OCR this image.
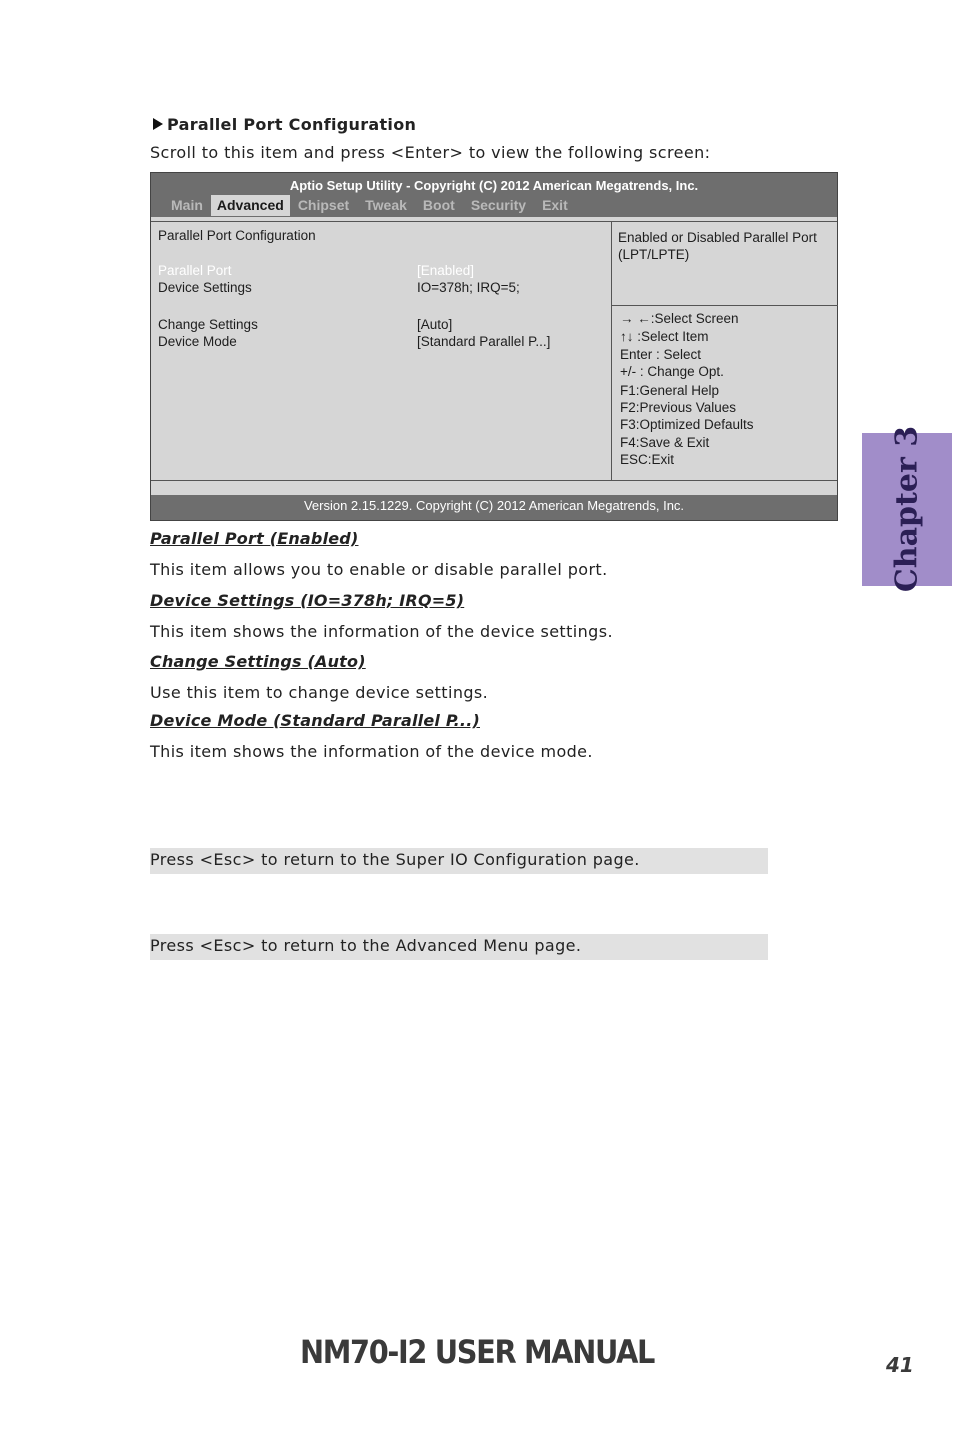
Parallel Port Configuration
Scroll to this item and press <Enter> to view the following screen:
Aptio Setup Utility - Copyright (C) 2012 American Megatrends, Inc.
Main	Advanced	Chipset	Tweak	Boot	Security	Exit
Parallel Port Configuration
Parallel Port	[Enabled]
Device Settings	IO=378h; IRQ=5;
Change Settings	[Auto]
Device Mode	[Standard Parallel P...]
Enabled or Disabled Parallel Port
(LPT/LPTE)
→ ←:Select Screen
↑↓ :Select Item
Enter : Select
+/- : Change Opt.
F1:General Help
F2:Previous Values
F3:Optimized Defaults
F4:Save & Exit
ESC:Exit
Version 2.15.1229. Copyright (C) 2012 American Megatrends, Inc.
Parallel Port (Enabled)
This item allows you to enable or disable parallel port.
Device Settings (IO=378h; IRQ=5)
This item shows the information of the device settings.
Change Settings (Auto)
Use this item to change device settings.
Device Mode (Standard Parallel P...)
This item shows the information of the device mode.
Press <Esc> to return to the Super IO Configuration page.
Press <Esc> to return to the Advanced Menu page.
Chapter 3
NM70-I2 USER MANUAL	41
